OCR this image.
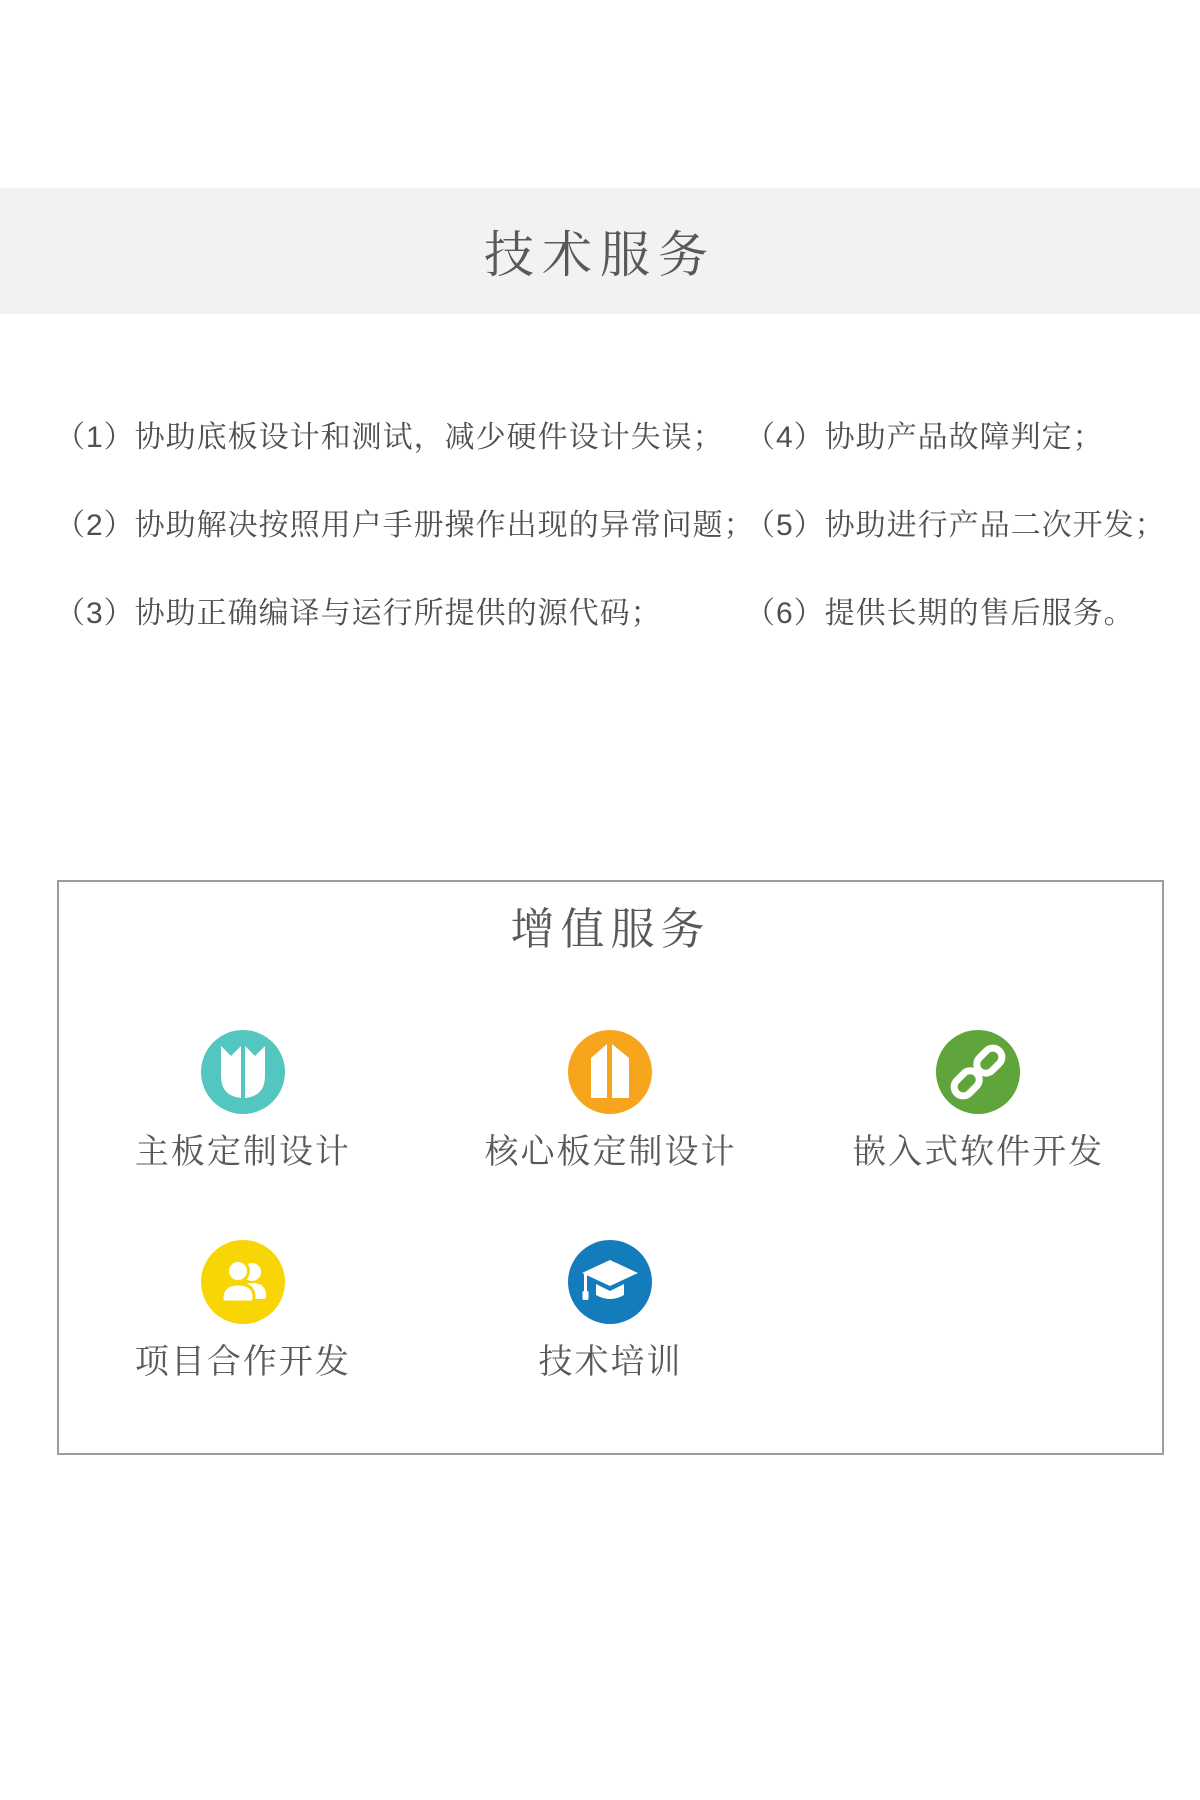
技术服务

（1）协助底板设计和测试，减少硬件设计失误；

（2）协助解决按照用户手册操作出现的异常问题；

（3）协助正确编译与运行所提供的源代码；

（4）协助产品故障判定；

（5）协助进行产品二次开发；

（6）提供长期的售后服务。

增值服务
主板定制设计	核心板定制设计	嵌入式软件开发
项目合作开发	技术培训
